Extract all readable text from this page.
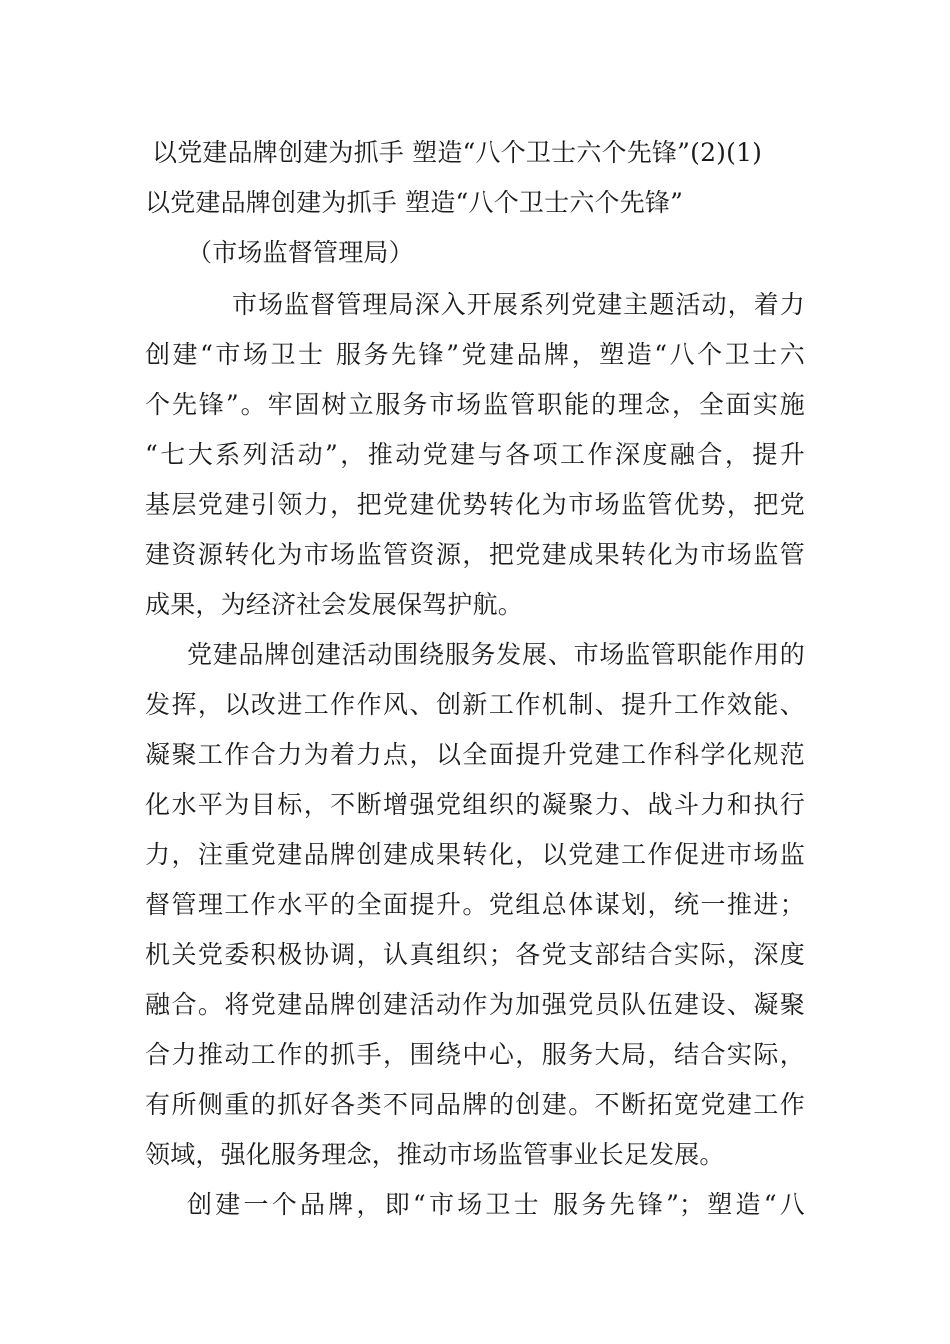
以党建品牌创建为抓手 塑造“八个卫士六个先锋”(2)(1)
以党建品牌创建为抓手 塑造“八个卫士六个先锋”
（市场监督管理局）
市场监督管理局深入开展系列党建主题活动，着力
创建“市场卫士 服务先锋”党建品牌，塑造“八个卫士六
个先锋”。牢固树立服务市场监管职能的理念，全面实施
“七大系列活动”，推动党建与各项工作深度融合，提升
基层党建引领力，把党建优势转化为市场监管优势，把党
建资源转化为市场监管资源，把党建成果转化为市场监管
成果，为经济社会发展保驾护航。
党建品牌创建活动围绕服务发展、市场监管职能作用的
发挥，以改进工作作风、创新工作机制、提升工作效能、
凝聚工作合力为着力点，以全面提升党建工作科学化规范
化水平为目标，不断增强党组织的凝聚力、战斗力和执行
力，注重党建品牌创建成果转化，以党建工作促进市场监
督管理工作水平的全面提升。党组总体谋划，统一推进；
机关党委积极协调，认真组织；各党支部结合实际，深度
融合。将党建品牌创建活动作为加强党员队伍建设、凝聚
合力推动工作的抓手，围绕中心，服务大局，结合实际，
有所侧重的抓好各类不同品牌的创建。不断拓宽党建工作
领域，强化服务理念，推动市场监管事业长足发展。
创建一个品牌，即“市场卫士 服务先锋”；塑造“八
